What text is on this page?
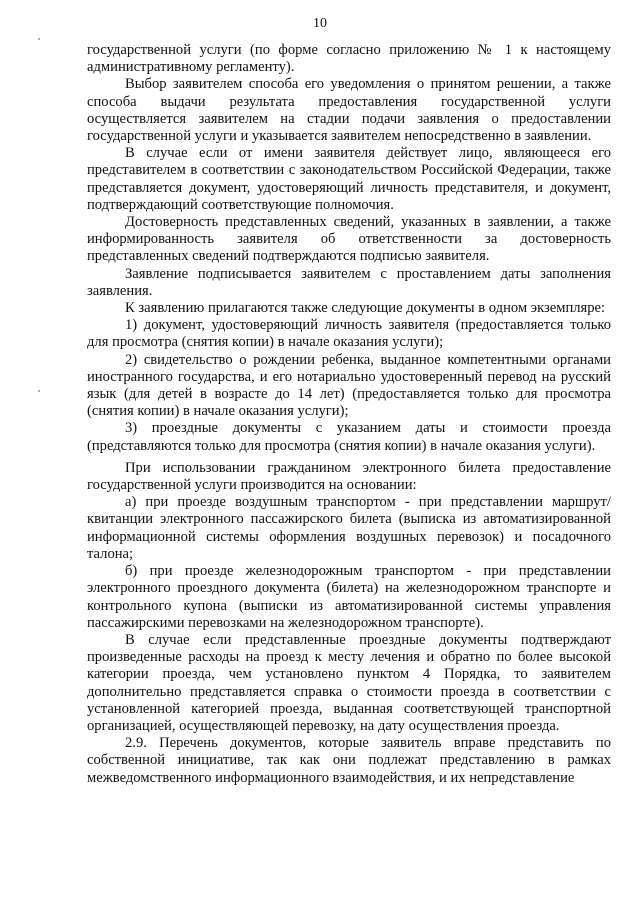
10

государственной услуги (по форме согласно приложению № 1 к настоящему административному регламенту).

Выбор заявителем способа его уведомления о принятом решении, а также способа выдачи результата предоставления государственной услуги осуществляется заявителем на стадии подачи заявления о предоставлении государственной услуги и указывается заявителем непосредственно в заявлении.

В случае если от имени заявителя действует лицо, являющееся его представителем в соответствии с законодательством Российской Федерации, также представляется документ, удостоверяющий личность представителя, и документ, подтверждающий соответствующие полномочия.

Достоверность представленных сведений, указанных в заявлении, а также информированность заявителя об ответственности за достоверность представленных сведений подтверждаются подписью заявителя.

Заявление подписывается заявителем с проставлением даты заполнения заявления.

К заявлению прилагаются также следующие документы в одном экземпляре:

1) документ, удостоверяющий личность заявителя (предоставляется только для просмотра (снятия копии) в начале оказания услуги);

2) свидетельство о рождении ребенка, выданное компетентными органами иностранного государства, и его нотариально удостоверенный перевод на русский язык (для детей в возрасте до 14 лет) (предоставляется только для просмотра (снятия копии) в начале оказания услуги);

3) проездные документы с указанием даты и стоимости проезда (представляются только для просмотра (снятия копии) в начале оказания услуги).

При использовании гражданином электронного билета предоставление государственной услуги производится на основании:

а) при проезде воздушным транспортом - при представлении маршрут/квитанции электронного пассажирского билета (выписка из автоматизированной информационной системы оформления воздушных перевозок) и посадочного талона;

б) при проезде железнодорожным транспортом - при представлении электронного проездного документа (билета) на железнодорожном транспорте и контрольного купона (выписки из автоматизированной системы управления пассажирскими перевозками на железнодорожном транспорте).

В случае если представленные проездные документы подтверждают произведенные расходы на проезд к месту лечения и обратно по более высокой категории проезда, чем установлено пунктом 4 Порядка, то заявителем дополнительно представляется справка о стоимости проезда в соответствии с установленной категорией проезда, выданная соответствующей транспортной организацией, осуществляющей перевозку, на дату осуществления проезда.

2.9. Перечень документов, которые заявитель вправе представить по собственной инициативе, так как они подлежат представлению в рамках межведомственного информационного взаимодействия, и их непредставление
